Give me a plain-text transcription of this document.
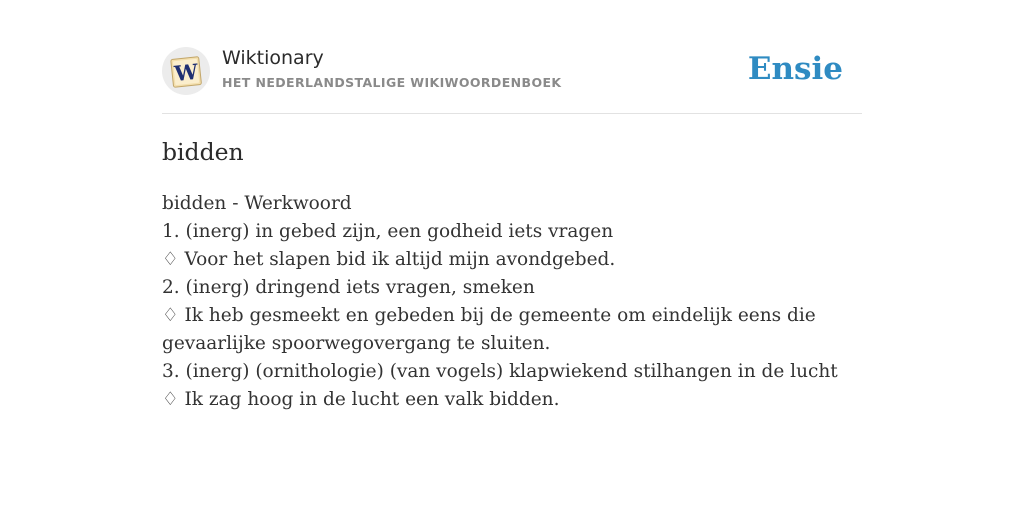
W
Wiktionary
HET NEDERLANDSTALIGE WIKIWOORDENBOEK	Ensie
bidden
bidden - Werkwoord
1. (inerg) in gebed zijn, een godheid iets vragen
♢ Voor het slapen bid ik altijd mijn avondgebed.
2. (inerg) dringend iets vragen, smeken
♢ Ik heb gesmeekt en gebeden bij de gemeente om eindelijk eens die gevaarlijke spoorwegovergang te sluiten.
3. (inerg) (ornithologie) (van vogels) klapwiekend stilhangen in de lucht
♢ Ik zag hoog in de lucht een valk bidden.
